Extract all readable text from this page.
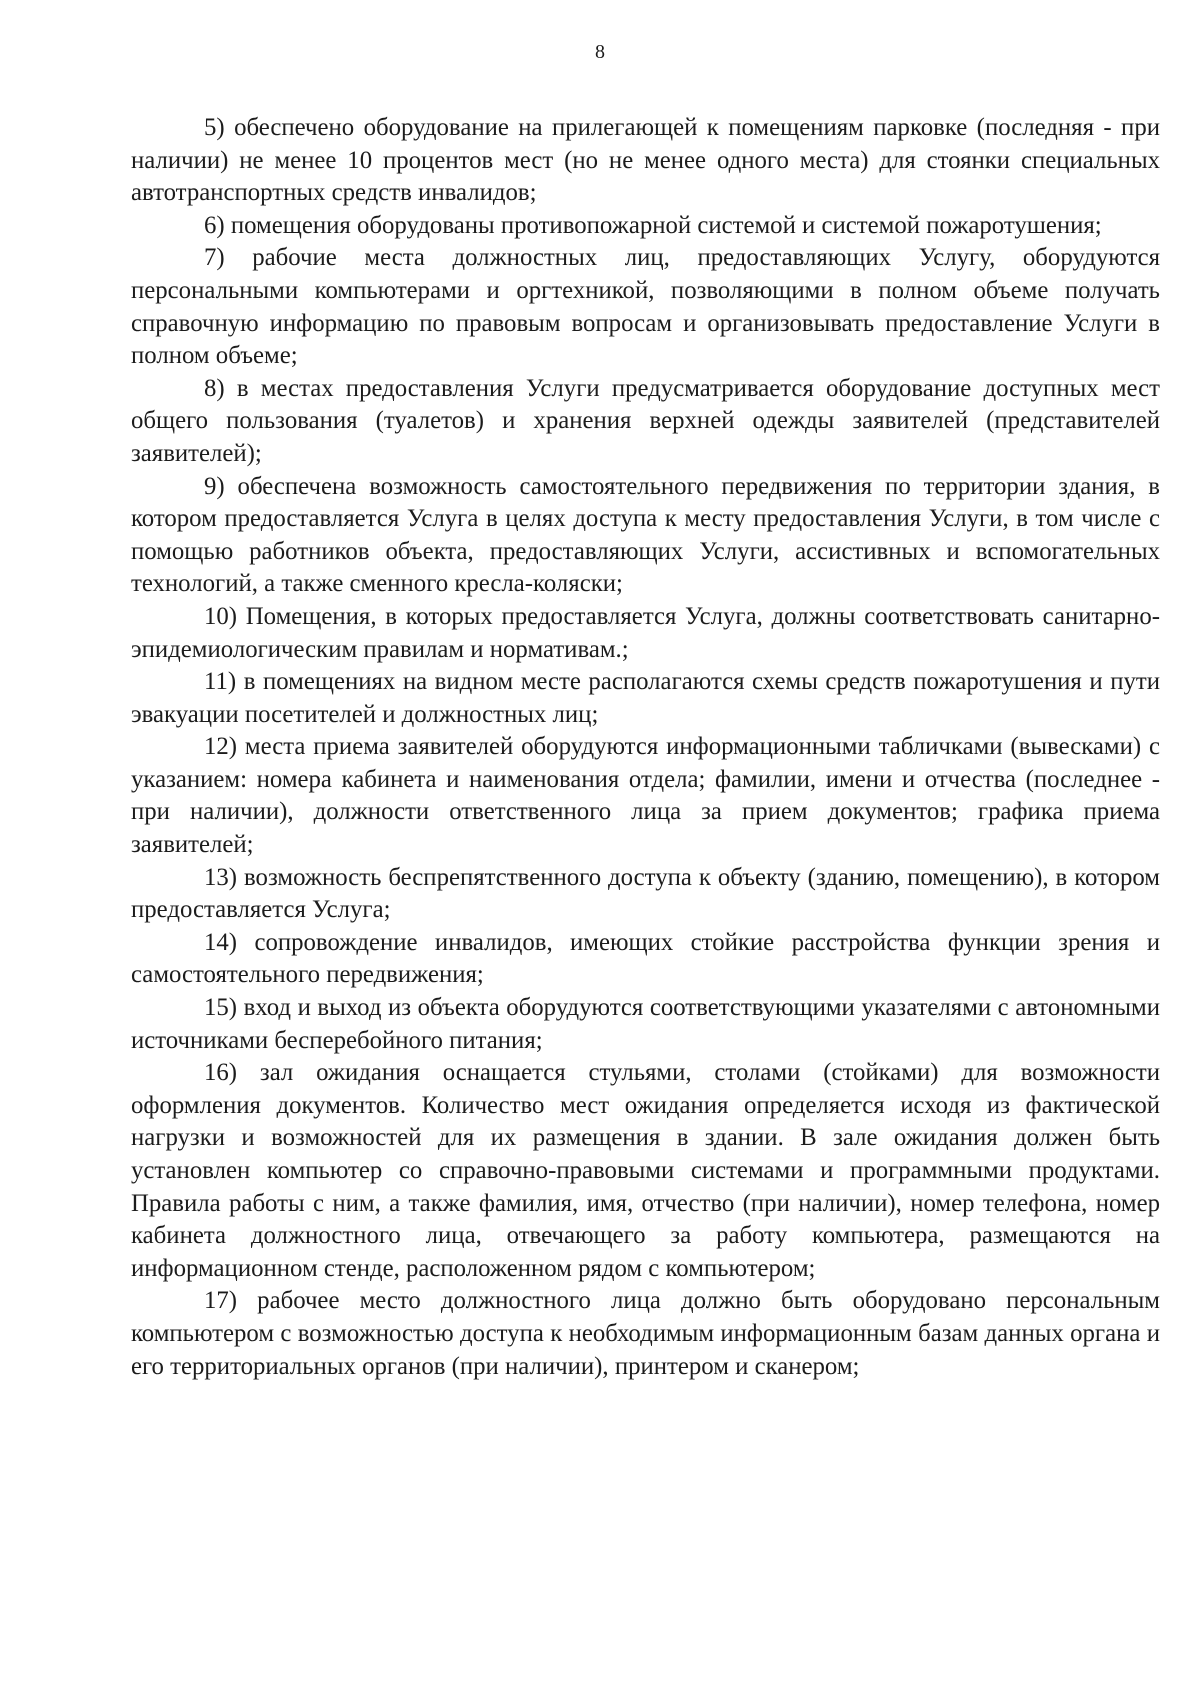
8

5) обеспечено оборудование на прилегающей к помещениям парковке (последняя - при наличии) не менее 10 процентов мест (но не менее одного места) для стоянки специальных автотранспортных средств инвалидов;

6) помещения оборудованы противопожарной системой и системой пожаротушения;

7) рабочие места должностных лиц, предоставляющих Услугу, оборудуются персональными компьютерами и оргтехникой, позволяющими в полном объеме получать справочную информацию по правовым вопросам и организовывать предоставление Услуги в полном объеме;

8) в местах предоставления Услуги предусматривается оборудование доступных мест общего пользования (туалетов) и хранения верхней одежды заявителей (представителей заявителей);

9) обеспечена возможность самостоятельного передвижения по территории здания, в котором предоставляется Услуга в целях доступа к месту предоставления Услуги, в том числе с помощью работников объекта, предоставляющих Услуги, ассистивных и вспомогательных технологий, а также сменного кресла-коляски;

10) Помещения, в которых предоставляется Услуга, должны соответствовать санитарно-эпидемиологическим правилам и нормативам.;

11) в помещениях на видном месте располагаются схемы средств пожаротушения и пути эвакуации посетителей и должностных лиц;

12) места приема заявителей оборудуются информационными табличками (вывесками) с указанием: номера кабинета и наименования отдела; фамилии, имени и отчества (последнее - при наличии), должности ответственного лица за прием документов; графика приема заявителей;

13) возможность беспрепятственного доступа к объекту (зданию, помещению), в котором предоставляется Услуга;

14) сопровождение инвалидов, имеющих стойкие расстройства функции зрения и самостоятельного передвижения;

15) вход и выход из объекта оборудуются соответствующими указателями с автономными источниками бесперебойного питания;

16) зал ожидания оснащается стульями, столами (стойками) для возможности оформления документов. Количество мест ожидания определяется исходя из фактической нагрузки и возможностей для их размещения в здании. В зале ожидания должен быть установлен компьютер со справочно-правовыми системами и программными продуктами. Правила работы с ним, а также фамилия, имя, отчество (при наличии), номер телефона, номер кабинета должностного лица, отвечающего за работу компьютера, размещаются на информационном стенде, расположенном рядом с компьютером;

17) рабочее место должностного лица должно быть оборудовано персональным компьютером с возможностью доступа к необходимым информационным базам данных органа и его территориальных органов (при наличии), принтером и сканером;
